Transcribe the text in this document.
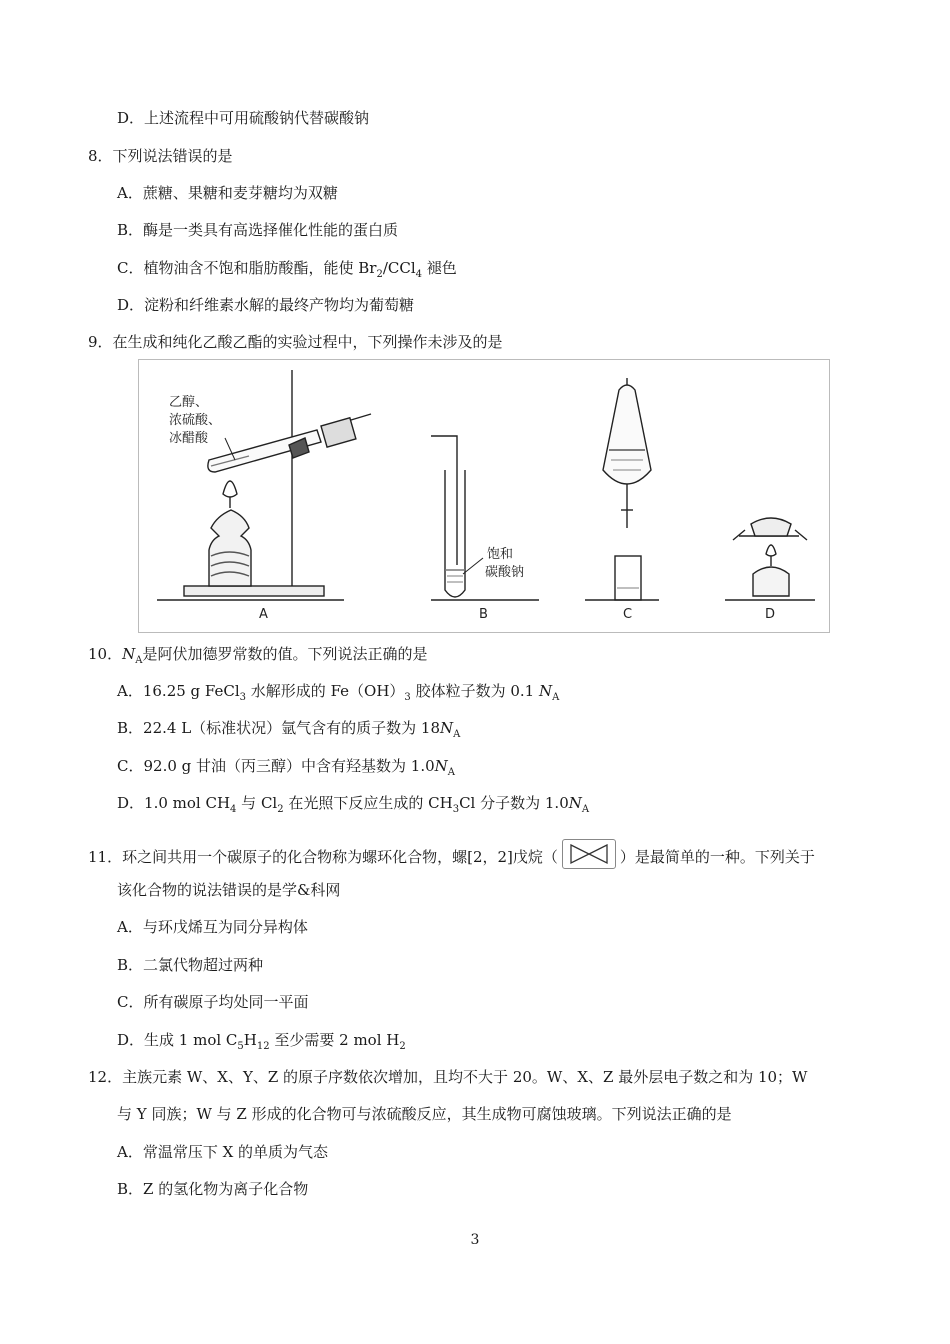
D．上述流程中可用硫酸钠代替碳酸钠
8．下列说法错误的是
A．蔗糖、果糖和麦芽糖均为双糖
B．酶是一类具有高选择催化性能的蛋白质
C．植物油含不饱和脂肪酸酯，能使 $Br_2/CCl_4$ 褪色
D．淀粉和纤维素水解的最终产物均为葡萄糖
9．在生成和纯化乙酸乙酯的实验过程中，下列操作未涉及的是
乙醇、
浓硫酸、
冰醋酸
A
饱和
碳酸钠
B	C	D
10．$N_A$是阿伏加德罗常数的值。下列说法正确的是
A．16.25 g FeCl$_3$ 水解形成的 $Fe(OH)_3$ 胶体粒子数为 0.1 $N_A$
B．22.4 L（标准状况）氩气含有的质子数为 $18N_A$
C．92.0 g 甘油（丙三醇）中含有羟基数为 $1.0N_A$
D．1.0 mol $CH_4$ 与 $Cl_2$ 在光照下反应生成的 $CH_3Cl$ 分子数为 $1.0N_A$
11．环之间共用一个碳原子的化合物称为螺环化合物，螺[2，2]戊烷（	）是最简单的一种。下列关于
该化合物的说法错误的是学&科网
A．与环戊烯互为同分异构体
B．二氯代物超过两种
C．所有碳原子均处同一平面
D．生成 1 mol $C_5H_{12}$ 至少需要 2 mol $H_2$
12．主族元素 W、X、Y、Z 的原子序数依次增加，且均不大于 20。W、X、Z 最外层电子数之和为 10；W
与 Y 同族；W 与 Z 形成的化合物可与浓硫酸反应，其生成物可腐蚀玻璃。下列说法正确的是
A．常温常压下 X 的单质为气态
B．Z 的氢化物为离子化合物
3
